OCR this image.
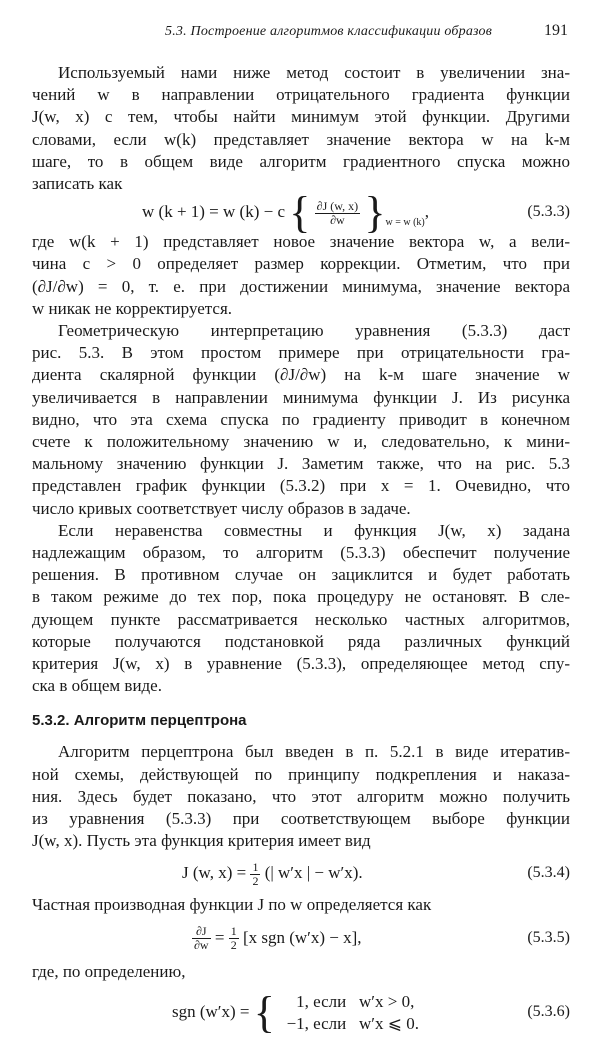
5.3. Построение алгоритмов классификации образов	191
Используемый нами ниже метод состоит в увеличении зна-
чений w в направлении отрицательного градиента функции
J(w, x) с тем, чтобы найти минимум этой функции. Другими
словами, если w(k) представляет значение вектора w на k-м
шаге, то в общем виде алгоритм градиентного спуска можно
записать как
w (k + 1) = w (k) − c { $\frac{\partial J (w, x)}{\partial w} \}_{w = w (k)}$,	(5.3.3)
где w(k + 1) представляет новое значение вектора w, а вели-
чина c > 0 определяет размер коррекции. Отметим, что при
(∂J/∂w) = 0, т. е. при достижении минимума, значение вектора
w никак не корректируется.
Геометрическую интерпретацию уравнения (5.3.3) даст
рис. 5.3. В этом простом примере при отрицательности гра-
диента скалярной функции (∂J/∂w) на k-м шаге значение w
увеличивается в направлении минимума функции J. Из рисунка
видно, что эта схема спуска по градиенту приводит в конечном
счете к положительному значению w и, следовательно, к мини-
мальному значению функции J. Заметим также, что на рис. 5.3
представлен график функции (5.3.2) при x = 1. Очевидно, что
число кривых соответствует числу образов в задаче.
Если неравенства совместны и функция J(w, x) задана
надлежащим образом, то алгоритм (5.3.3) обеспечит получение
решения. В противном случае он зациклится и будет работать
в таком режиме до тех пор, пока процедуру не остановят. В сле-
дующем пункте рассматривается несколько частных алгоритмов,
которые получаются подстановкой ряда различных функций
критерия J(w, x) в уравнение (5.3.3), определяющее метод спу-
ска в общем виде.
5.3.2. Алгоритм перцептрона
Алгоритм перцептрона был введен в п. 5.2.1 в виде итератив-
ной схемы, действующей по принципу подкрепления и наказа-
ния. Здесь будет показано, что этот алгоритм можно получить
из уравнения (5.3.3) при соответствующем выборе функции
J(w, x). Пусть эта функция критерия имеет вид
J (w, $x) = \frac{1}{2}$ (| w′x | − w′x).	(5.3.4)
Частная производная функции J по w определяется как
$\frac{\partial J}{\partial w} = \frac{1}{2} [x$ sgn (w′x) − x],	(5.3.5)
где, по определению,
sgn (w′x) = {	1, если   w′x > 0,
−1, если   w′x ⩽ 0.
(5.3.6)
